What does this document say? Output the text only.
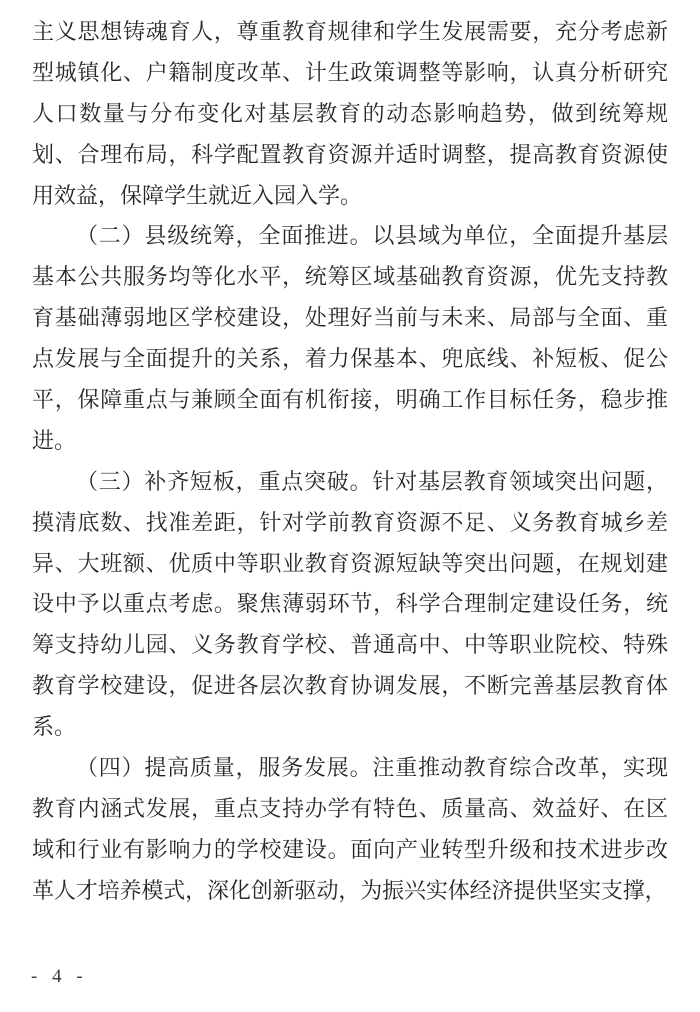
主义思想铸魂育人，尊重教育规律和学生发展需要，充分考虑新
型城镇化、户籍制度改革、计生政策调整等影响，认真分析研究
人口数量与分布变化对基层教育的动态影响趋势，做到统筹规
划、合理布局，科学配置教育资源并适时调整，提高教育资源使
用效益，保障学生就近入园入学。
（二）县级统筹，全面推进。以县域为单位，全面提升基层
基本公共服务均等化水平，统筹区域基础教育资源，优先支持教
育基础薄弱地区学校建设，处理好当前与未来、局部与全面、重
点发展与全面提升的关系，着力保基本、兜底线、补短板、促公
平，保障重点与兼顾全面有机衔接，明确工作目标任务，稳步推
进。
（三）补齐短板，重点突破。针对基层教育领域突出问题，
摸清底数、找准差距，针对学前教育资源不足、义务教育城乡差
异、大班额、优质中等职业教育资源短缺等突出问题，在规划建
设中予以重点考虑。聚焦薄弱环节，科学合理制定建设任务，统
筹支持幼儿园、义务教育学校、普通高中、中等职业院校、特殊
教育学校建设，促进各层次教育协调发展，不断完善基层教育体
系。
（四）提高质量，服务发展。注重推动教育综合改革，实现
教育内涵式发展，重点支持办学有特色、质量高、效益好、在区
域和行业有影响力的学校建设。面向产业转型升级和技术进步改
革人才培养模式，深化创新驱动，为振兴实体经济提供坚实支撑，
- 4 -
